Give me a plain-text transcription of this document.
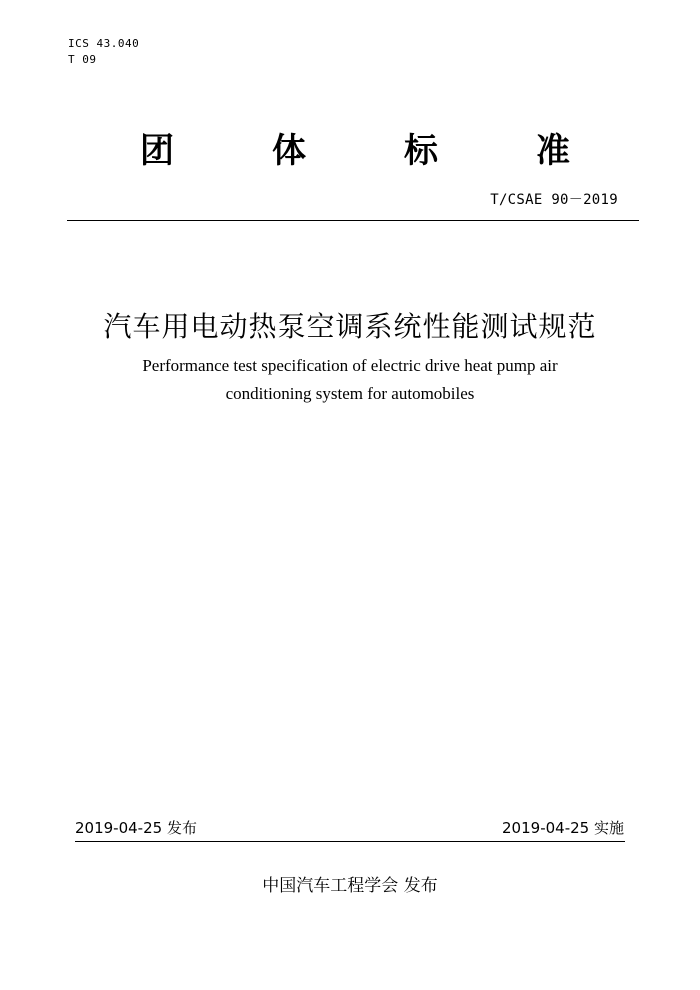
ICS 43.040
T 09
团	体	标	准
T/CSAE 90－2019
汽车用电动热泵空调系统性能测试规范
Performance test specification of electric drive heat pump air
conditioning system for automobiles
2019-04-25 发布	2019-04-25 实施
中国汽车工程学会 发布
